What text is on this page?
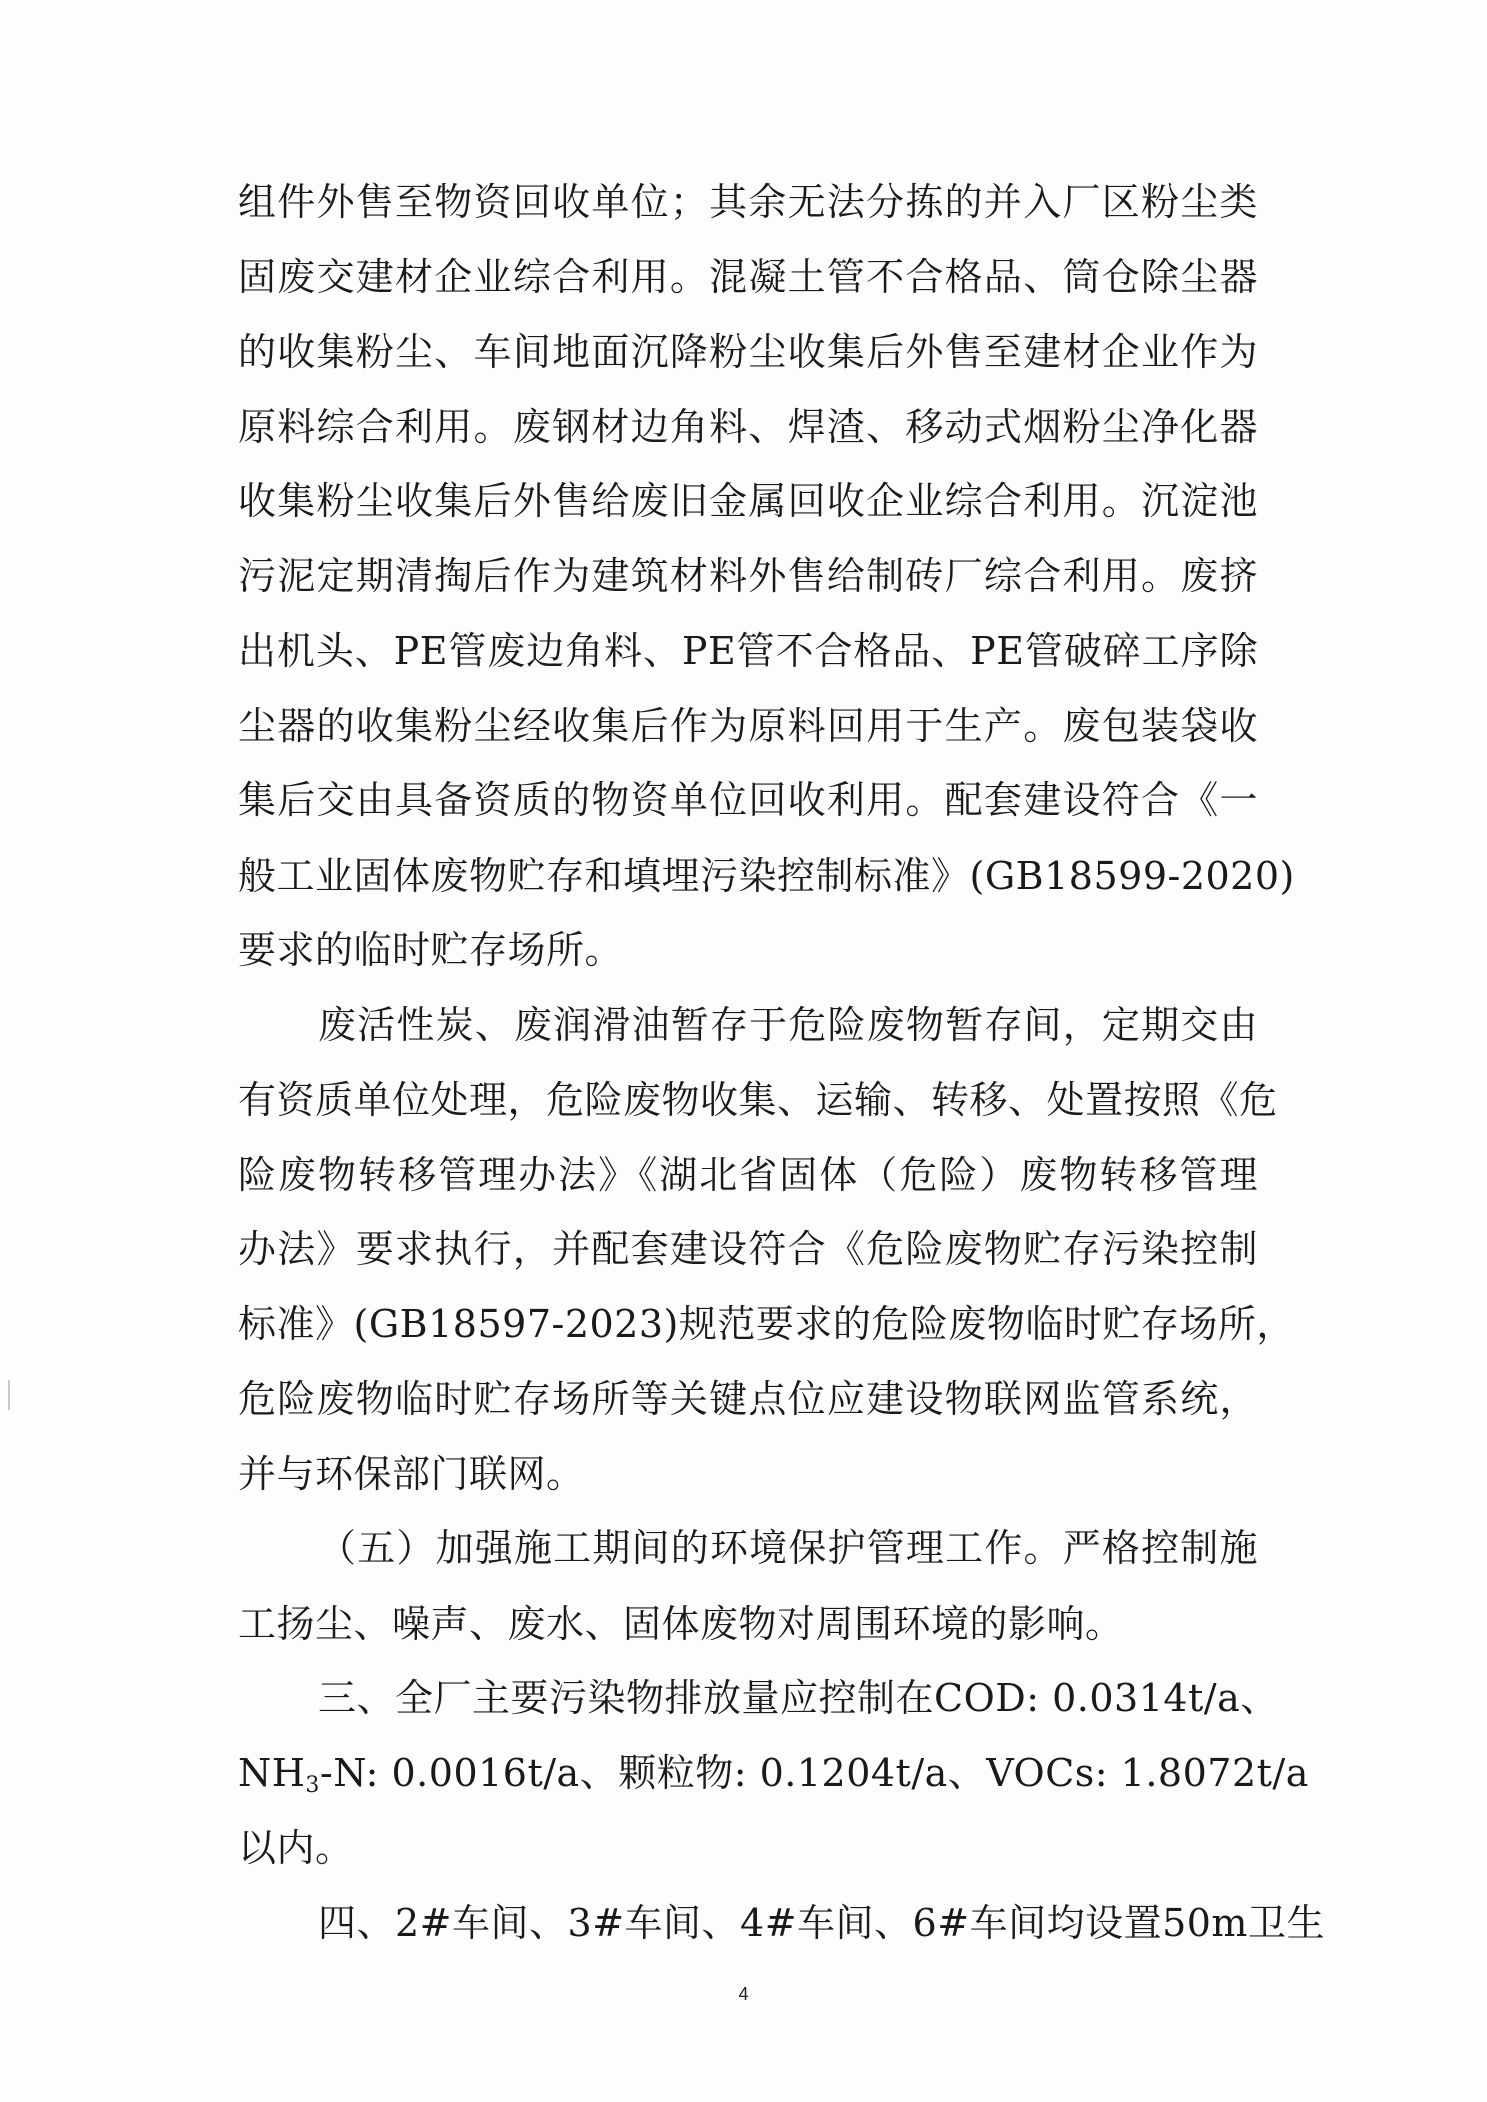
组件外售至物资回收单位；其余无法分拣的并入厂区粉尘类
固废交建材企业综合利用。混凝土管不合格品、筒仓除尘器
的收集粉尘、车间地面沉降粉尘收集后外售至建材企业作为
原料综合利用。废钢材边角料、焊渣、移动式烟粉尘净化器
收集粉尘收集后外售给废旧金属回收企业综合利用。沉淀池
污泥定期清掏后作为建筑材料外售给制砖厂综合利用。废挤
出机头、PE管废边角料、PE管不合格品、PE管破碎工序除
尘器的收集粉尘经收集后作为原料回用于生产。废包装袋收
集后交由具备资质的物资单位回收利用。配套建设符合《一
般工业固体废物贮存和填埋污染控制标准》(GB18599-2020)
要求的临时贮存场所。
废活性炭、废润滑油暂存于危险废物暂存间，定期交由
有资质单位处理，危险废物收集、运输、转移、处置按照《危
险废物转移管理办法》《湖北省固体（危险）废物转移管理
办法》要求执行，并配套建设符合《危险废物贮存污染控制
标准》(GB18597-2023)规范要求的危险废物临时贮存场所，
危险废物临时贮存场所等关键点位应建设物联网监管系统，
并与环保部门联网。
（五）加强施工期间的环境保护管理工作。严格控制施
工扬尘、噪声、废水、固体废物对周围环境的影响。
三、全厂主要污染物排放量应控制在COD: 0.0314t/a、
$NH_3-N$: 0.0016t/a、颗粒物: 0.1204t/a、VOCs: 1.8072t/a
以内。
四、2#车间、3#车间、4#车间、6#车间均设置50m卫生
4
